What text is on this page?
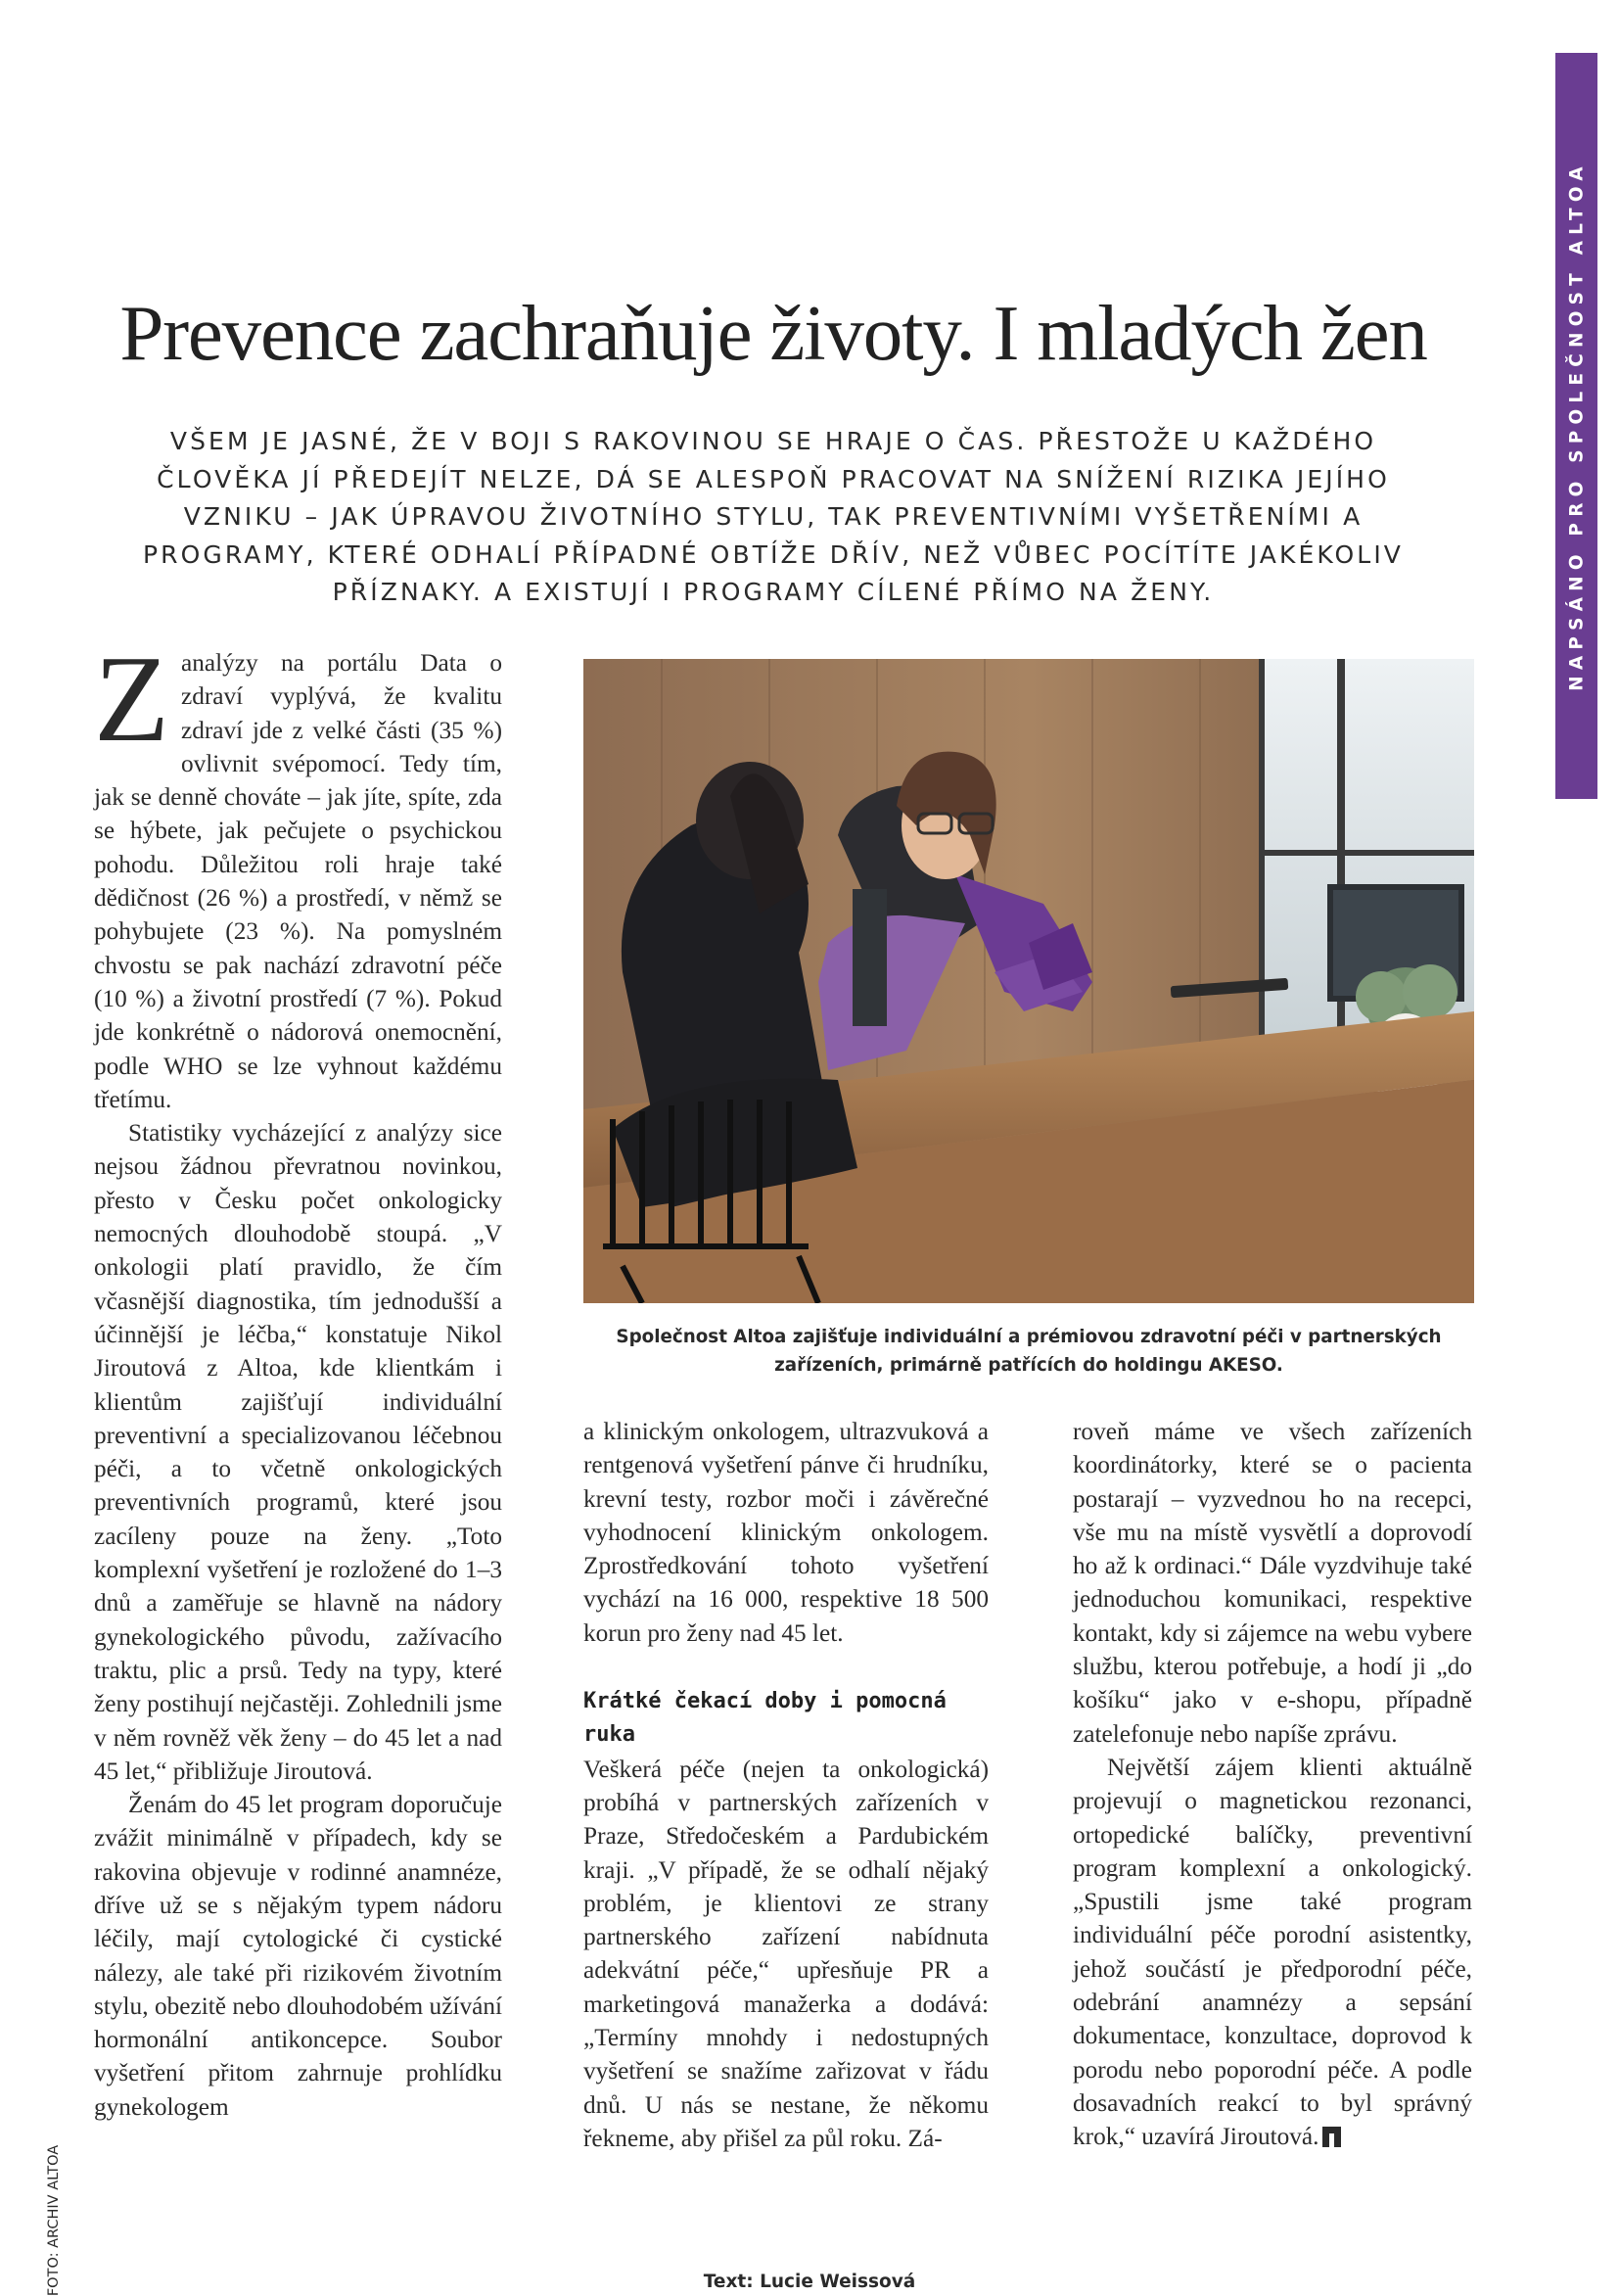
NAPSÁNO PRO SPOLEČNOST ALTOA
Prevence zachraňuje životy. I mladých žen
VŠEM JE JASNÉ, ŽE V BOJI S RAKOVINOU SE HRAJE O ČAS. PŘESTOŽE U KAŽDÉHO ČLOVĚKA JÍ PŘEDEJÍT NELZE, DÁ SE ALESPOŇ PRACOVAT NA SNÍŽENÍ RIZIKA JEJÍHO VZNIKU – JAK ÚPRAVOU ŽIVOTNÍHO STYLU, TAK PREVENTIVNÍMI VYŠETŘENÍMI A PROGRAMY, KTERÉ ODHALÍ PŘÍPADNÉ OBTÍŽE DŘÍV, NEŽ VŮBEC POCÍTÍTE JAKÉKOLIV PŘÍZNAKY. A EXISTUJÍ I PROGRAMY CÍLENÉ PŘÍMO NA ŽENY.

Zanalýzy na portálu Data o zdraví vyplývá, že kvalitu zdraví jde z velké části (35 %) ovlivnit svépomocí. Tedy tím, jak se denně chováte – jak jíte, spíte, zda se hýbete, jak pečujete o psychickou pohodu. Důležitou roli hraje také dědičnost (26 %) a prostředí, v němž se pohybujete (23 %). Na pomyslném chvostu se pak nachází zdravotní péče (10 %) a životní prostředí (7 %). Pokud jde konkrétně o nádorová onemocnění, podle WHO se lze vyhnout každému třetímu.

Statistiky vycházející z analýzy sice nejsou žádnou převratnou novinkou, přesto v Česku počet onkologicky nemocných dlouhodobě stoupá. „V onkologii platí pravidlo, že čím včasnější diagnostika, tím jednodušší a účinnější je léčba,“ konstatuje Nikol Jiroutová z Altoa, kde klientkám i klientům zajišťují individuální preventivní a specializovanou léčebnou péči, a to včetně onkologických preventivních programů, které jsou zacíleny pouze na ženy. „Toto komplexní vyšetření je rozložené do 1–3 dnů a zaměřuje se hlavně na nádory gynekologického původu, zažívacího traktu, plic a prsů. Tedy na typy, které ženy postihují nejčastěji. Zohlednili jsme v něm rovněž věk ženy – do 45 let a nad 45 let,“ přibližuje Jiroutová.

Ženám do 45 let program doporučuje zvážit minimálně v případech, kdy se rakovina objevuje v rodinné anamnéze, dříve už se s nějakým typem nádoru léčily, mají cytologické či cystické nálezy, ale také při rizikovém životním stylu, obezitě nebo dlouhodobém užívání hormonální antikoncepce. Soubor vyšetření přitom zahrnuje prohlídku gynekologem

Společnost Altoa zajišťuje individuální a prémiovou zdravotní péči v partnerských zařízeních, primárně patřících do holdingu AKESO.

a klinickým onkologem, ultrazvuková a rentgenová vyšetření pánve či hrudníku, krevní testy, rozbor moči i závěrečné vyhodnocení klinickým onkologem. Zprostředkování tohoto vyšetření vychází na 16 000, respektive 18 500 korun pro ženy nad 45 let.

Krátké čekací doby i pomocná ruka

Veškerá péče (nejen ta onkologická) probíhá v partnerských zařízeních v Praze, Středočeském a Pardubickém kraji. „V případě, že se odhalí nějaký problém, je klientovi ze strany partnerského zařízení nabídnuta adekvátní péče,“ upřesňuje PR a marketingová manažerka a dodává: „Termíny mnohdy i nedostupných vyšetření se snažíme zařizovat v řádu dnů. U nás se nestane, že někomu řekneme, aby přišel za půl roku. Zá-

roveň máme ve všech zařízeních koordinátorky, které se o pacienta postarají – vyzvednou ho na recepci, vše mu na místě vysvětlí a doprovodí ho až k ordinaci.“ Dále vyzdvihuje také jednoduchou komunikaci, respektive kontakt, kdy si zájemce na webu vybere službu, kterou potřebuje, a hodí ji „do košíku“ jako v e-shopu, případně zatelefonuje nebo napíše zprávu.

Největší zájem klienti aktuálně projevují o magnetickou rezonanci, ortopedické balíčky, preventivní program komplexní a onkologický. „Spustili jsme také program individuální péče porodní asistentky, jehož součástí je předporodní péče, odebrání anamnézy a sepsání dokumentace, konzultace, doprovod k porodu nebo poporodní péče. A podle dosavadních reakcí to byl správný krok,“ uzavírá Jiroutová.

FOTO: ARCHIV ALTOA	Text: Lucie Weissová
